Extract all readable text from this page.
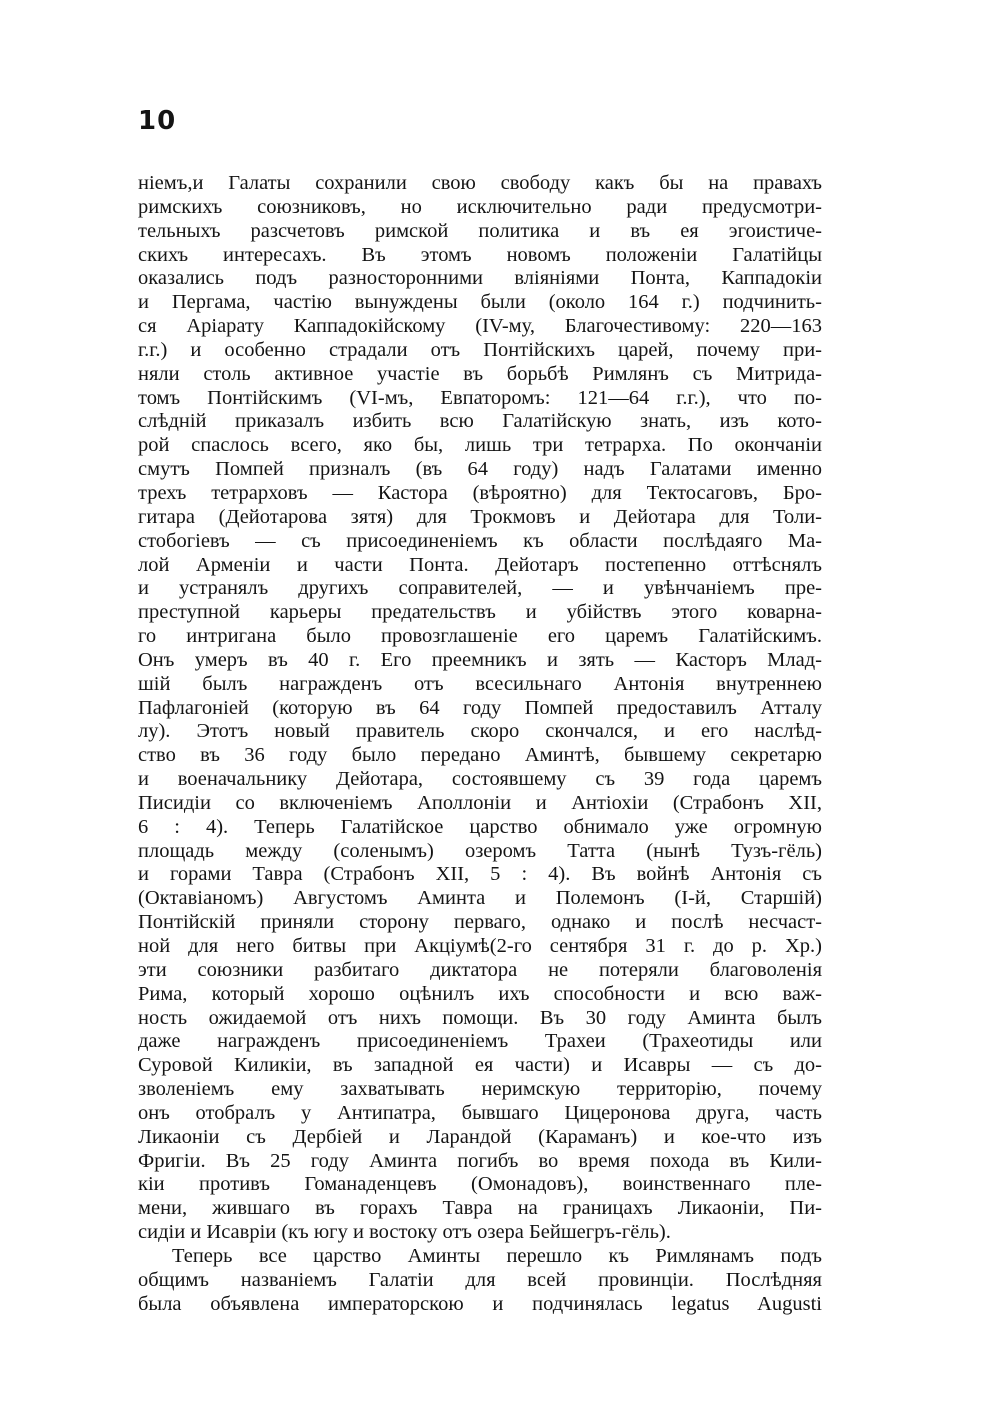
10
ніемъ,и Галаты сохранили свою свободу какъ бы на правахъ
римскихъ союзниковъ, но исключительно ради предусмотри-
тельныхъ разсчетовъ римской политика и въ ея эгоистиче-
скихъ интересахъ. Въ этомъ новомъ положеніи Галатійцы
оказались подъ разносторонними вліяніями Понта, Каппадокіи
и Пергама, частію вынуждены были (около 164 г.) подчинить-
ся Аріарату Каппадокійскому (IV-му, Благочестивому: 220—163
г.г.) и особенно страдали отъ Понтійскихъ царей, почему при-
няли столь активное участіе въ борьбѣ Римлянъ съ Митрида-
томъ Понтійскимъ (VI-мъ, Евпаторомъ: 121—64 г.г.), что по-
слѣдній приказалъ избить всю Галатійскую знать, изъ кото-
рой спаслось всего, яко бы, лишь три тетрарха. По окончаніи
смутъ Помпей призналъ (въ 64 году) надъ Галатами именно
трехъ тетрарховъ — Кастора (вѣроятно) для Тектосаговъ, Бро-
гитара (Дейотарова зятя) для Трокмовъ и Дейотара для Толи-
стобогіевъ — съ присоединеніемъ къ области послѣдаяго Ма-
лой Арменіи и части Понта. Дейотаръ постепенно оттѣснялъ
и устранялъ другихъ соправителей, — и увѣнчаніемъ пре-
преступной карьеры предательствъ и убійствъ этого коварна-
го интригана было провозглашеніе его царемъ Галатійскимъ.
Онъ умеръ въ 40 г. Его преемникъ и зять — Касторъ Млад-
шій былъ награжденъ отъ всесильнаго Антонія внутреннею
Пафлагоніей (которую въ 64 году Помпей предоставилъ Атталу
лу). Этотъ новый правитель скоро скончался, и его наслѣд-
ство въ 36 году было передано Аминтѣ, бывшему секретарю
и военачальнику Дейотара, состоявшему съ 39 года царемъ
Писидіи со включеніемъ Аполлоніи и Антіохіи (Страбонъ XII,
6 : 4). Теперь Галатійское царство обнимало уже огромную
площадь между (соленымъ) озеромъ Татта (нынѣ Тузъ-гёль)
и горами Тавра (Страбонъ XII, 5 : 4). Въ войнѣ Антонія съ
(Октавіаномъ) Августомъ Аминта и Полемонъ (I-й, Старшій)
Понтійскій приняли сторону перваго, однако и послѣ несчаст-
ной для него битвы при Акціумѣ(2-го сентября 31 г. до р. Хр.)
эти союзники разбитаго диктатора не потеряли благоволенія
Рима, который хорошо оцѣнилъ ихъ способности и всю важ-
ность ожидаемой отъ нихъ помощи. Въ 30 году Аминта былъ
даже награжденъ присоединеніемъ Трахеи (Трахеотиды или
Суровой Киликіи, въ западной ея части) и Исавры — съ до-
зволеніемъ ему захватывать неримскую территорію, почему
онъ отобралъ у Антипатра, бывшаго Цицеронова друга, часть
Ликаоніи съ Дербіей и Ларандой (Караманъ) и кое-что изъ
Фригіи. Въ 25 году Аминта погибъ во время похода въ Кили-
кіи противъ Гоманаденцевъ (Омонадовъ), воинственнаго пле-
мени, жившаго въ горахъ Тавра на границахъ Ликаоніи, Пи-
сидіи и Исавріи (къ югу и востоку отъ озера Бейшегръ-гёль).
Теперь все царство Аминты перешло къ Римлянамъ подъ
общимъ названіемъ Галатіи для всей провинціи. Послѣдняя
была объявлена императорскою и подчинялась legatus Augusti
